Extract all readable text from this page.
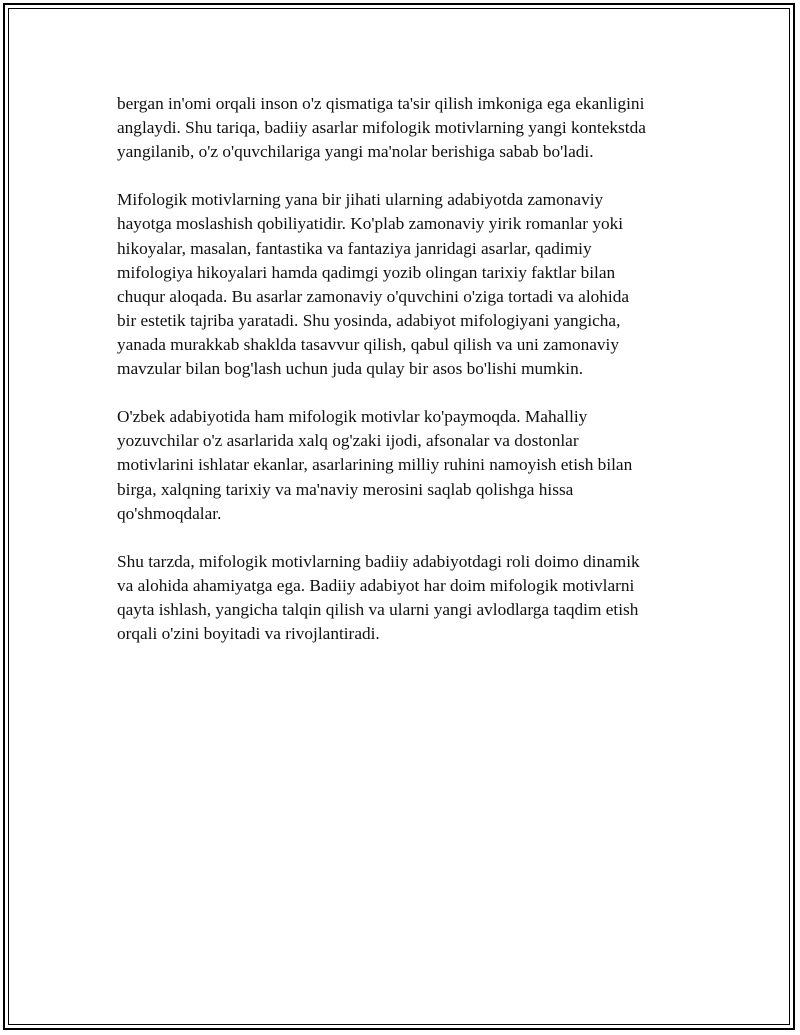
bergan in'omi orqali inson o'z qismatiga ta'sir qilish imkoniga ega ekanligini
anglaydi. Shu tariqa, badiiy asarlar mifologik motivlarning yangi kontekstda
yangilanib, o'z o'quvchilariga yangi ma'nolar berishiga sabab bo'ladi.

Mifologik motivlarning yana bir jihati ularning adabiyotda zamonaviy
hayotga moslashish qobiliyatidir. Ko'plab zamonaviy yirik romanlar yoki
hikoyalar, masalan, fantastika va fantaziya janridagi asarlar, qadimiy
mifologiya hikoyalari hamda qadimgi yozib olingan tarixiy faktlar bilan
chuqur aloqada. Bu asarlar zamonaviy o'quvchini o'ziga tortadi va alohida
bir estetik tajriba yaratadi. Shu yosinda, adabiyot mifologiyani yangicha,
yanada murakkab shaklda tasavvur qilish, qabul qilish va uni zamonaviy
mavzular bilan bog'lash uchun juda qulay bir asos bo'lishi mumkin.

O'zbek adabiyotida ham mifologik motivlar ko'paymoqda. Mahalliy
yozuvchilar o'z asarlarida xalq og'zaki ijodi, afsonalar va dostonlar
motivlarini ishlatar ekanlar, asarlarining milliy ruhini namoyish etish bilan
birga, xalqning tarixiy va ma'naviy merosini saqlab qolishga hissa
qo'shmoqdalar.

Shu tarzda, mifologik motivlarning badiiy adabiyotdagi roli doimo dinamik
va alohida ahamiyatga ega. Badiiy adabiyot har doim mifologik motivlarni
qayta ishlash, yangicha talqin qilish va ularni yangi avlodlarga taqdim etish
orqali o'zini boyitadi va rivojlantiradi.
